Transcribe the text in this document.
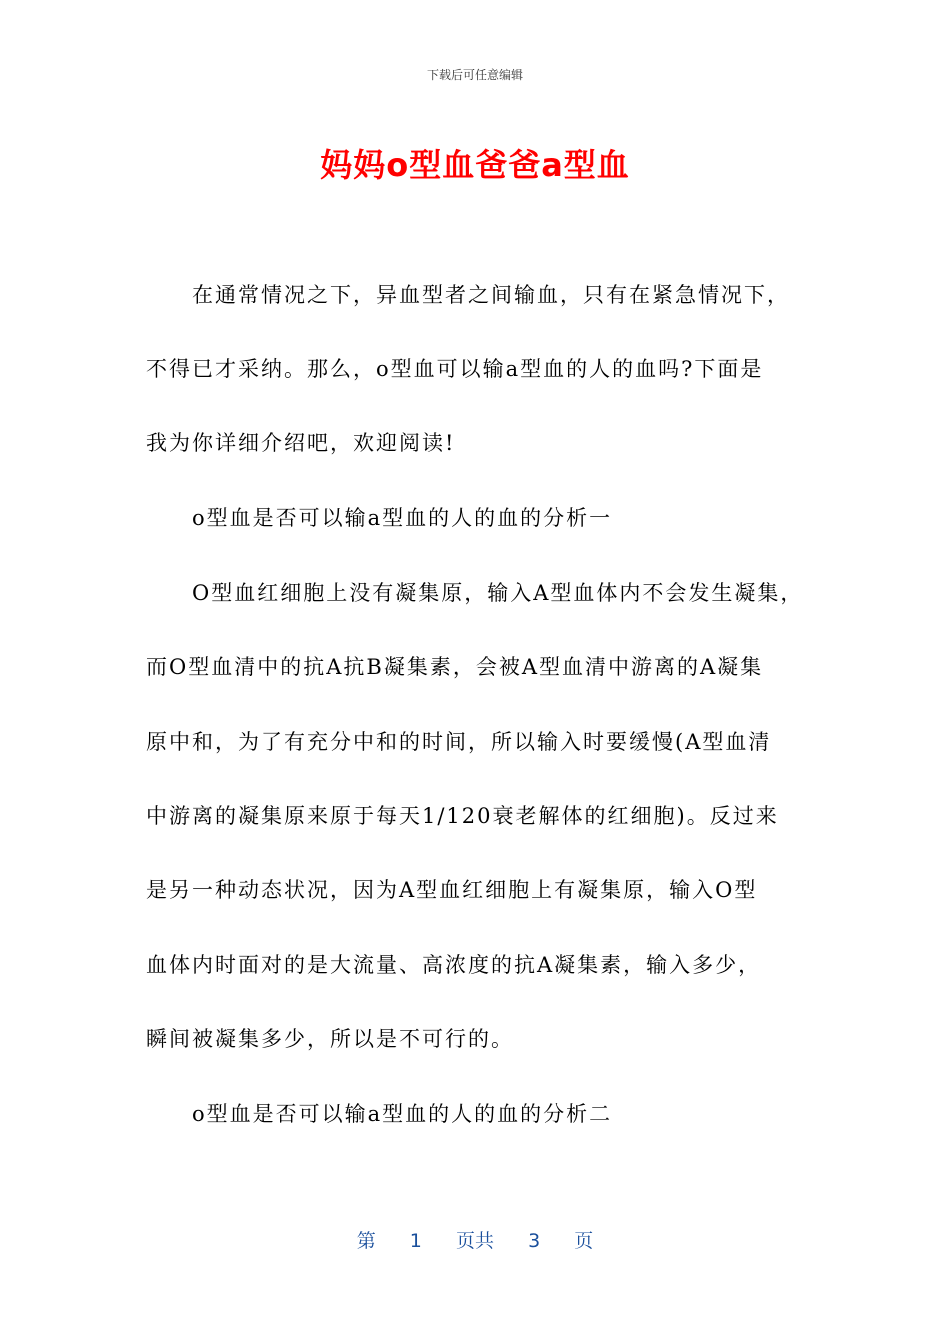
下载后可任意编辑
妈妈o型血爸爸a型血
在通常情况之下，异血型者之间输血，只有在紧急情况下，
不得已才采纳。那么，o型血可以输a型血的人的血吗?下面是
我为你详细介绍吧，欢迎阅读!
o型血是否可以输a型血的人的血的分析一
O型血红细胞上没有凝集原，输入A型血体内不会发生凝集，
而O型血清中的抗A抗B凝集素，会被A型血清中游离的A凝集
原中和，为了有充分中和的时间，所以输入时要缓慢(A型血清
中游离的凝集原来原于每天1/120衰老解体的红细胞)。反过来
是另一种动态状况，因为A型血红细胞上有凝集原，输入O型
血体内时面对的是大流量、高浓度的抗A凝集素，输入多少，
瞬间被凝集多少，所以是不可行的。
o型血是否可以输a型血的人的血的分析二
第 1 页共 3 页
